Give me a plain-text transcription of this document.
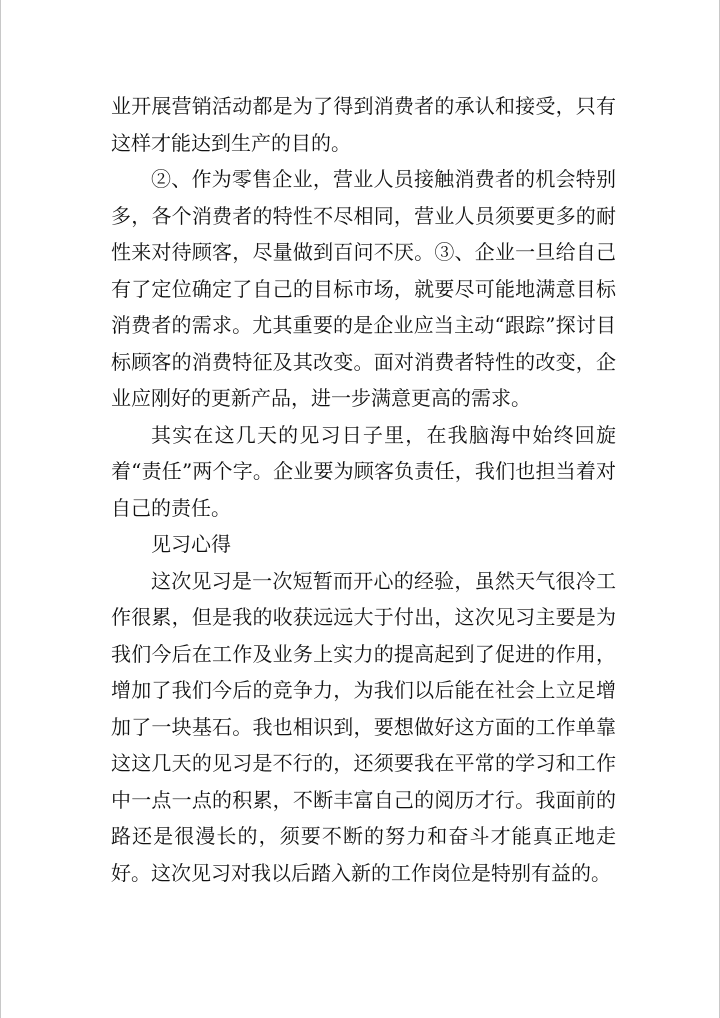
业开展营销活动都是为了得到消费者的承认和接受，只有这样才能达到生产的目的。

②、作为零售企业，营业人员接触消费者的机会特别多，各个消费者的特性不尽相同，营业人员须要更多的耐性来对待顾客，尽量做到百问不厌。③、企业一旦给自己有了定位确定了自己的目标市场，就要尽可能地满意目标消费者的需求。尤其重要的是企业应当主动“跟踪”探讨目标顾客的消费特征及其改变。面对消费者特性的改变，企业应刚好的更新产品，进一步满意更高的需求。

其实在这几天的见习日子里，在我脑海中始终回旋着“责任”两个字。企业要为顾客负责任，我们也担当着对自己的责任。

见习心得

这次见习是一次短暂而开心的经验，虽然天气很冷工作很累，但是我的收获远远大于付出，这次见习主要是为我们今后在工作及业务上实力的提高起到了促进的作用，增加了我们今后的竞争力，为我们以后能在社会上立足增加了一块基石。我也相识到，要想做好这方面的工作单靠这这几天的见习是不行的，还须要我在平常的学习和工作中一点一点的积累，不断丰富自己的阅历才行。我面前的路还是很漫长的，须要不断的努力和奋斗才能真正地走好。这次见习对我以后踏入新的工作岗位是特别有益的。
